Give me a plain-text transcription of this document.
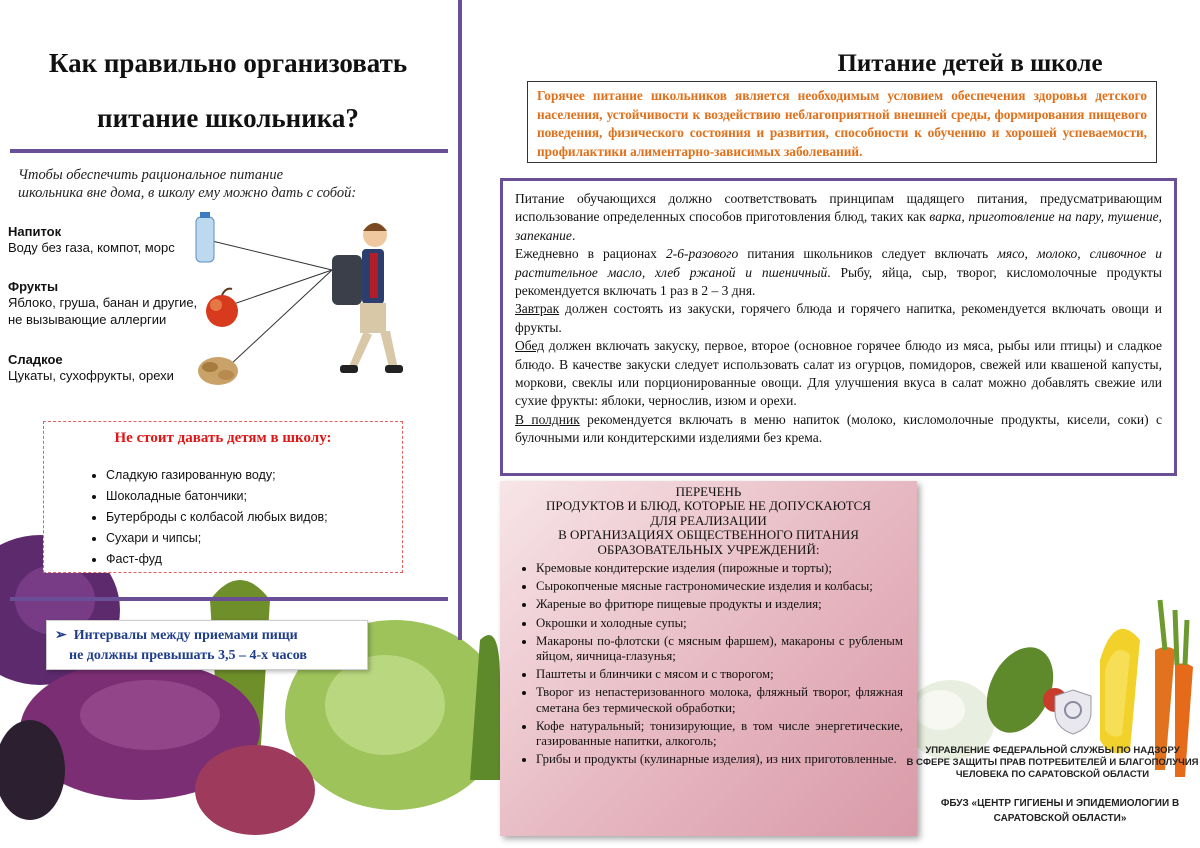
Как правильно организовать
питание школьника?
Чтобы обеспечить рациональное питание
школьника вне дома, в школу ему можно дать с собой:
Напиток
Воду без газа, компот, морс
Фрукты
Яблоко, груша, банан и другие,
не вызывающие аллергии
Сладкое
Цукаты, сухофрукты, орехи
Не стоит давать детям в школу:
• Сладкую газированную воду;
• Шоколадные батончики;
• Бутерброды с колбасой любых видов;
• Сухари и чипсы;
• Фаст-фуд
➢ Интервалы между приемами пищи
не должны превышать 3,5 – 4-х часов
Питание детей в школе
Горячее питание школьников является необходимым условием обеспечения здоровья детского населения, устойчивости к воздействию неблагоприятной внешней среды, формирования пищевого поведения, физического состояния и развития, способности к обучению и хорошей успеваемости, профилактики алиментарно-зависимых заболеваний.

Питание обучающихся должно соответствовать принципам щадящего питания, предусматривающим использование определенных способов приготовления блюд, таких как варка, приготовление на пару, тушение, запекание.

Ежедневно в рационах 2-6-разового питания школьников следует включать мясо, молоко, сливочное и растительное масло, хлеб ржаной и пшеничный. Рыбу, яйца, сыр, творог, кисломолочные продукты рекомендуется включать 1 раз в 2 – 3 дня.

Завтрак должен состоять из закуски, горячего блюда и горячего напитка, рекомендуется включать овощи и фрукты.

Обед должен включать закуску, первое, второе (основное горячее блюдо из мяса, рыбы или птицы) и сладкое блюдо. В качестве закуски следует использовать салат из огурцов, помидоров, свежей или квашеной капусты, моркови, свеклы или порционированные овощи. Для улучшения вкуса в салат можно добавлять свежие или сухие фрукты: яблоки, чернослив, изюм и орехи.

В полдник рекомендуется включать в меню напиток (молоко, кисломолочные продукты, кисели, соки) с булочными или кондитерскими изделиями без крема.

ПЕРЕЧЕНЬ
ПРОДУКТОВ И БЛЮД, КОТОРЫЕ НЕ ДОПУСКАЮТСЯ
ДЛЯ РЕАЛИЗАЦИИ
В ОРГАНИЗАЦИЯХ ОБЩЕСТВЕННОГО ПИТАНИЯ
ОБРАЗОВАТЕЛЬНЫХ УЧРЕЖДЕНИЙ:
• Кремовые кондитерские изделия (пирожные и торты);
• Сырокопченые мясные гастрономические изделия и колбасы;
• Жареные во фритюре пищевые продукты и изделия;
• Окрошки и холодные супы;
• Макароны по-флотски (с мясным фаршем), макароны с рубленым яйцом, яичница-глазунья;
• Паштеты и блинчики с мясом и с творогом;
• Творог из непастеризованного молока, фляжный творог, фляжная сметана без термической обработки;
• Кофе натуральный; тонизирующие, в том числе энергетические, газированные напитки, алкоголь;
• Грибы и продукты (кулинарные изделия), из них приготовленные.
УПРАВЛЕНИЕ ФЕДЕРАЛЬНОЙ СЛУЖБЫ ПО НАДЗОРУ
В СФЕРЕ ЗАЩИТЫ ПРАВ ПОТРЕБИТЕЛЕЙ И БЛАГОПОЛУЧИЯ
ЧЕЛОВЕКА ПО САРАТОВСКОЙ ОБЛАСТИ
ФБУЗ «ЦЕНТР ГИГИЕНЫ И ЭПИДЕМИОЛОГИИ В
САРАТОВСКОЙ ОБЛАСТИ»
